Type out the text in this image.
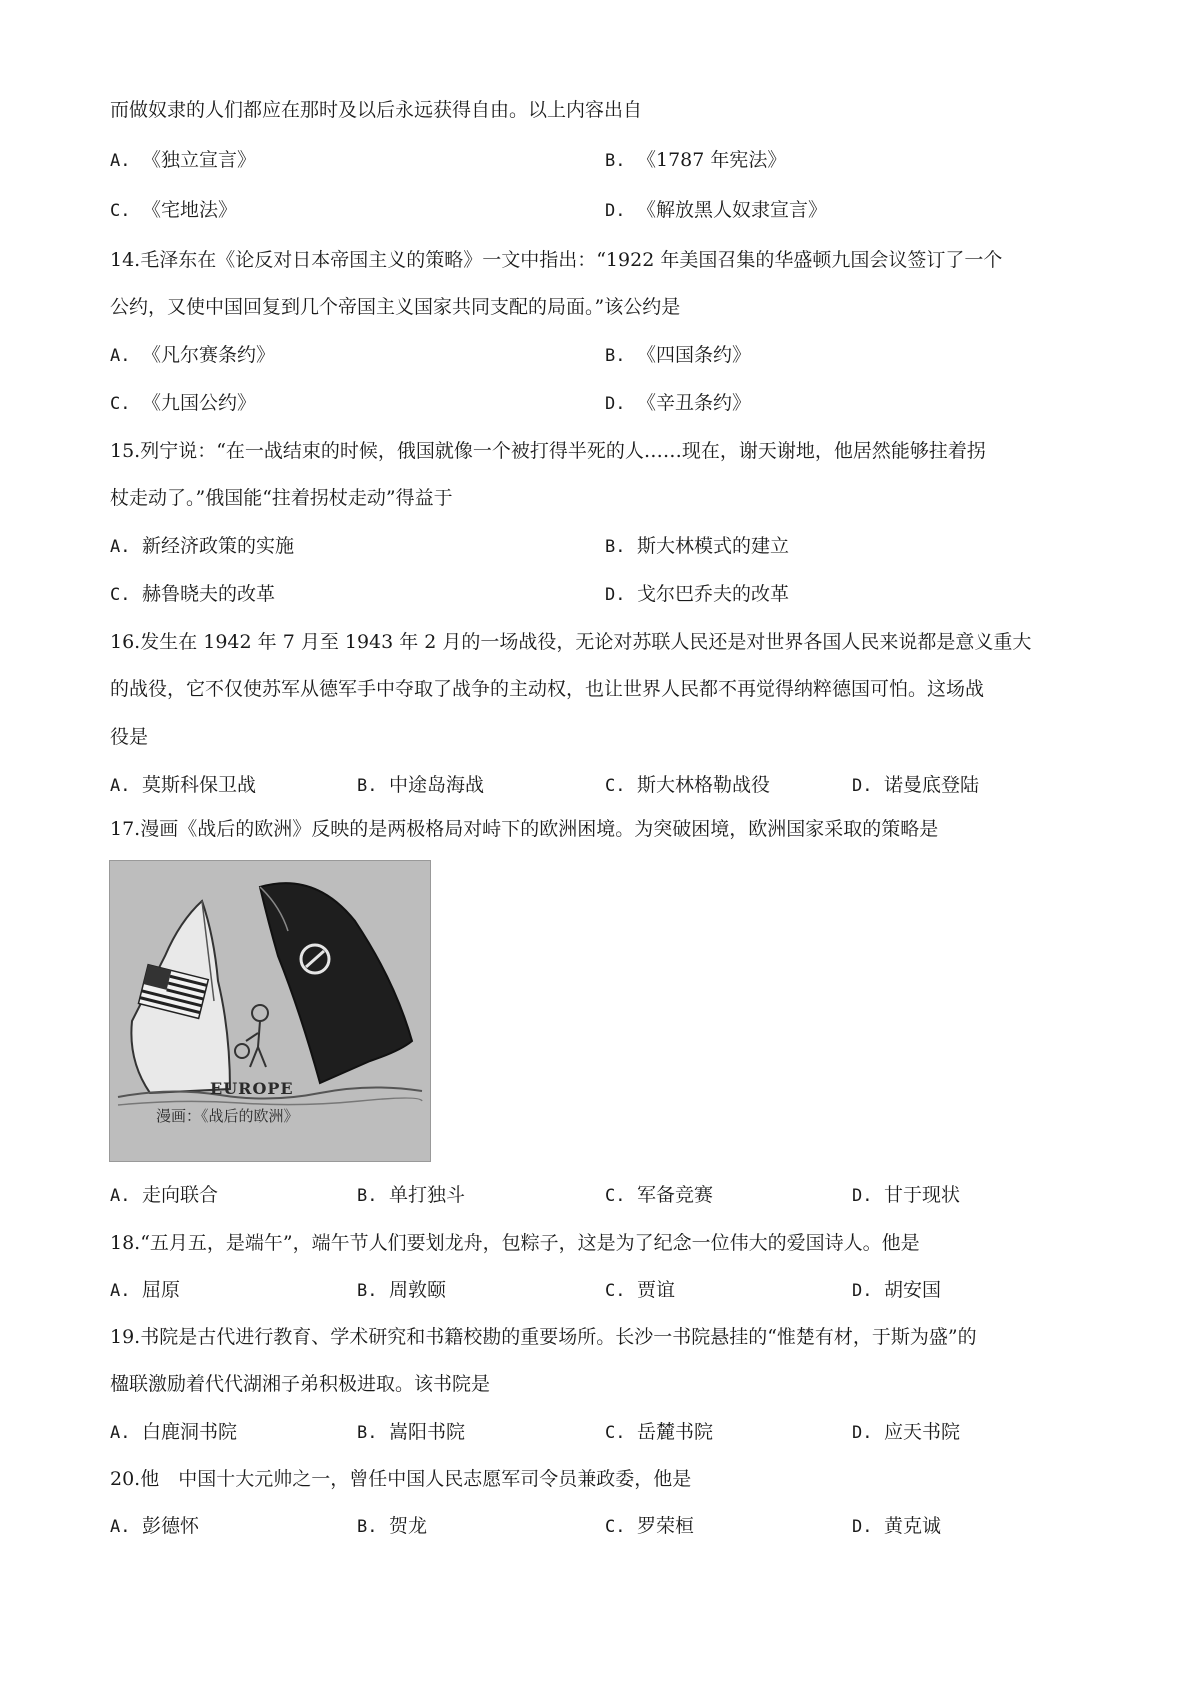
而做奴隶的人们都应在那时及以后永远获得自由。以上内容出自
A. 《独立宣言》	B. 《1787 年宪法》
C. 《宅地法》	D. 《解放黑人奴隶宣言》
14.毛泽东在《论反对日本帝国主义的策略》一文中指出：“1922 年美国召集的华盛顿九国会议签订了一个
公约，又使中国回复到几个帝国主义国家共同支配的局面。”该公约是
A. 《凡尔赛条约》	B. 《四国条约》
C. 《九国公约》	D. 《辛丑条约》
15.列宁说：“在一战结束的时候，俄国就像一个被打得半死的人……现在，谢天谢地，他居然能够拄着拐
杖走动了。”俄国能“拄着拐杖走动”得益于
A. 新经济政策的实施	B. 斯大林模式的建立
C. 赫鲁晓夫的改革	D. 戈尔巴乔夫的改革
16.发生在 1942 年 7 月至 1943 年 2 月的一场战役，无论对苏联人民还是对世界各国人民来说都是意义重大
的战役，它不仅使苏军从德军手中夺取了战争的主动权，也让世界人民都不再觉得纳粹德国可怕。这场战
役是
A. 莫斯科保卫战	B. 中途岛海战	C. 斯大林格勒战役	D. 诺曼底登陆
17.漫画《战后的欧洲》反映的是两极格局对峙下的欧洲困境。为突破困境，欧洲国家采取的策略是
EUROPE
漫画：《战后的欧洲》
A. 走向联合	B. 单打独斗	C. 军备竞赛	D. 甘于现状
18.“五月五，是端午”，端午节人们要划龙舟，包粽子，这是为了纪念一位伟大的爱国诗人。他是
A. 屈原	B. 周敦颐	C. 贾谊	D. 胡安国
19.书院是古代进行教育、学术研究和书籍校勘的重要场所。长沙一书院悬挂的“惟楚有材，于斯为盛”的
楹联激励着代代湖湘子弟积极进取。该书院是
A. 白鹿洞书院	B. 嵩阳书院	C. 岳麓书院	D. 应天书院
20.他　中国十大元帅之一，曾任中国人民志愿军司令员兼政委，他是
A. 彭德怀	B. 贺龙	C. 罗荣桓	D. 黄克诚
